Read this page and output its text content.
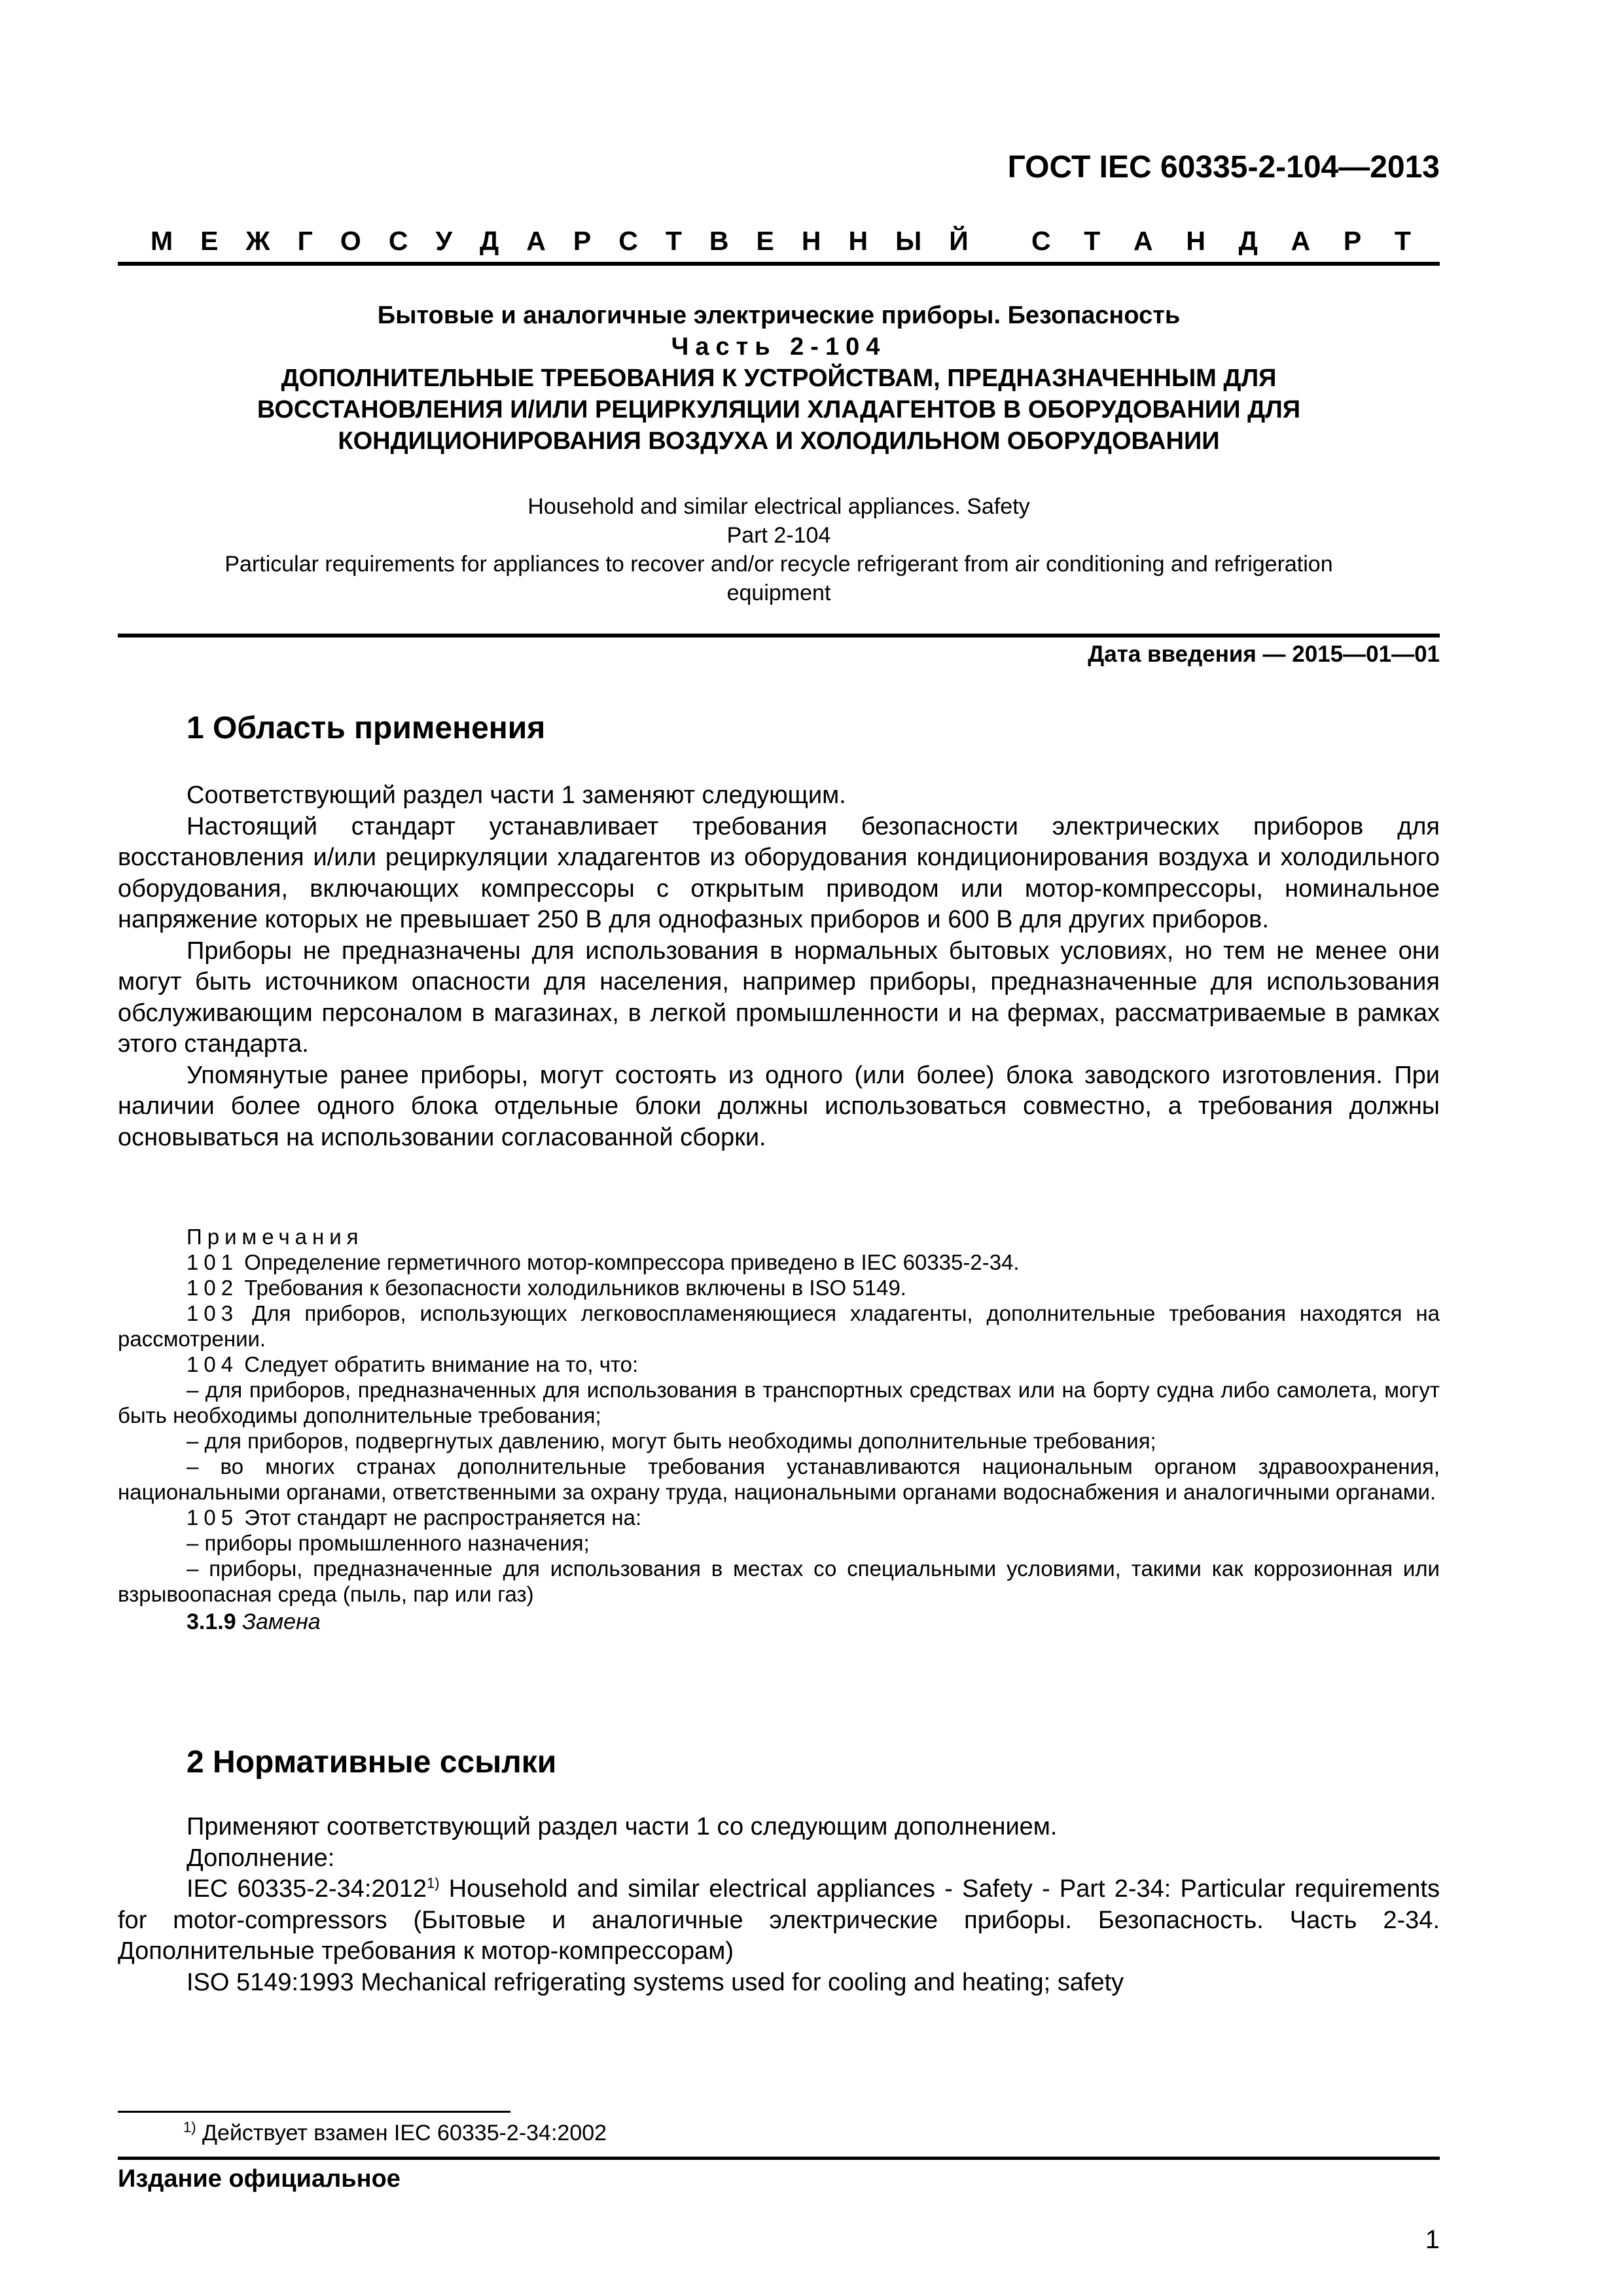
ГОСТ IEC 60335-2-104—2013
М Е Ж Г О С У Д А Р С Т В Е Н Н Ы Й С Т А Н Д А Р Т
Бытовые и аналогичные электрические приборы. Безопасность
Часть 2-104
ДОПОЛНИТЕЛЬНЫЕ ТРЕБОВАНИЯ К УСТРОЙСТВАМ, ПРЕДНАЗНАЧЕННЫМ ДЛЯ
ВОССТАНОВЛЕНИЯ И/ИЛИ РЕЦИРКУЛЯЦИИ ХЛАДАГЕНТОВ В ОБОРУДОВАНИИ ДЛЯ
КОНДИЦИОНИРОВАНИЯ ВОЗДУХА И ХОЛОДИЛЬНОМ ОБОРУДОВАНИИ
Household and similar electrical appliances. Safety
Part 2-104
Particular requirements for appliances to recover and/or recycle refrigerant from air conditioning and refrigeration
equipment
Дата введения — 2015—01—01
1 Область применения

Соответствующий раздел части 1 заменяют следующим.

Настоящий стандарт устанавливает требования безопасности электрических приборов для восстановления и/или рециркуляции хладагентов из оборудования кондиционирования воздуха и холодильного оборудования, включающих компрессоры с открытым приводом или мотор-компрессоры, номинальное напряжение которых не превышает 250 В для однофазных приборов и 600 В для других приборов.

Приборы не предназначены для использования в нормальных бытовых условиях, но тем не менее они могут быть источником опасности для населения, например приборы, предназначенные для использования обслуживающим персоналом в магазинах, в легкой промышленности и на фермах, рассматриваемые в рамках этого стандарта.

Упомянутые ранее приборы, могут состоять из одного (или более) блока заводского изготовления. При наличии более одного блока отдельные блоки должны использоваться совместно, а требования должны основываться на использовании согласованной сборки.

Примечания

101 Определение герметичного мотор-компрессора приведено в IEC 60335-2-34.

102 Требования к безопасности холодильников включены в ISO 5149.

103 Для приборов, использующих легковоспламеняющиеся хладагенты, дополнительные требования находятся на рассмотрении.

104 Следует обратить внимание на то, что:

– для приборов, предназначенных для использования в транспортных средствах или на борту судна либо самолета, могут быть необходимы дополнительные требования;

– для приборов, подвергнутых давлению, могут быть необходимы дополнительные требования;

– во многих странах дополнительные требования устанавливаются национальным органом здравоохранения, национальными органами, ответственными за охрану труда, национальными органами водоснабжения и аналогичными органами.

105 Этот стандарт не распространяется на:

– приборы промышленного назначения;

– приборы, предназначенные для использования в местах со специальными условиями, такими как коррозионная или взрывоопасная среда (пыль, пар или газ)

3.1.9 Замена

2 Нормативные ссылки

Применяют соответствующий раздел части 1 со следующим дополнением.

Дополнение:

IEC 60335-2-34:2012$^{1)}$ Household and similar electrical appliances - Safety - Part 2-34: Particular requirements for motor-compressors (Бытовые и аналогичные электрические приборы. Безопасность. Часть 2-34. Дополнительные требования к мотор-компрессорам)

ISO 5149:1993 Mechanical refrigerating systems used for cooling and heating; safety

$^{1)}$ Действует взамен IEC 60335-2-34:2002
Издание официальное
1
